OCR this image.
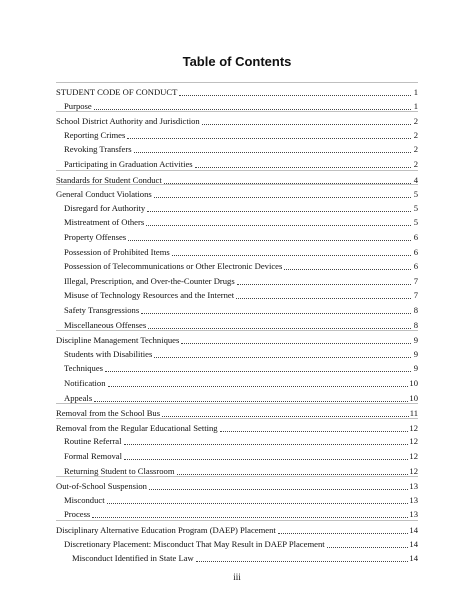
Table of Contents
STUDENT CODE OF CONDUCT	1
Purpose	1
School District Authority and Jurisdiction	2
Reporting Crimes	2
Revoking Transfers	2
Participating in Graduation Activities	2
Standards for Student Conduct	4
General Conduct Violations	5
Disregard for Authority	5
Mistreatment of Others	5
Property Offenses	6
Possession of Prohibited Items	6
Possession of Telecommunications or Other Electronic Devices	6
Illegal, Prescription, and Over-the-Counter Drugs	7
Misuse of Technology Resources and the Internet	7
Safety Transgressions	8
Miscellaneous Offenses	8
Discipline Management Techniques	9
Students with Disabilities	9
Techniques	9
Notification	10
Appeals	10
Removal from the School Bus	11
Removal from the Regular Educational Setting	12
Routine Referral	12
Formal Removal	12
Returning Student to Classroom	12
Out-of-School Suspension	13
Misconduct	13
Process	13
Disciplinary Alternative Education Program (DAEP) Placement	14
Discretionary Placement: Misconduct That May Result in DAEP Placement	14
Misconduct Identified in State Law	14
iii
